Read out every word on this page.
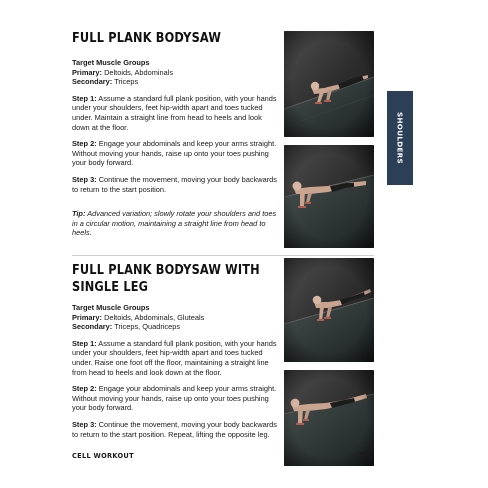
FULL PLANK BODYSAW

Target Muscle Groups

Primary: Deltoids, Abdominals

Secondary: Triceps

Step 1: Assume a standard full plank position, with your hands under your shoulders, feet hip-width apart and toes tucked under. Maintain a straight line from head to heels and look down at the floor.

Step 2: Engage your abdominals and keep your arms straight. Without moving your hands, raise up onto your toes pushing your body forward.

Step 3: Continue the movement, moving your body backwards to return to the start position.

Tip: Advanced variation; slowly rotate your shoulders and toes in a circular motion, maintaining a straight line from head to heels.

FULL PLANK BODYSAW WITH SINGLE LEG

Target Muscle Groups

Primary: Deltoids, Abdominals, Gluteals

Secondary: Triceps, Quadriceps

Step 1: Assume a standard full plank position, with your hands under your shoulders, feet hip-width apart and toes tucked under. Raise one foot off the floor, maintaining a straight line from head to heels and look down at the floor.

Step 2: Engage your abdominals and keep your arms straight. Without moving your hands, raise up onto your toes pushing your body forward.

Step 3: Continue the movement, moving your body backwards to return to the start position. Repeat, lifting the opposite leg.

SHOULDERS
CELL WORKOUT	75
